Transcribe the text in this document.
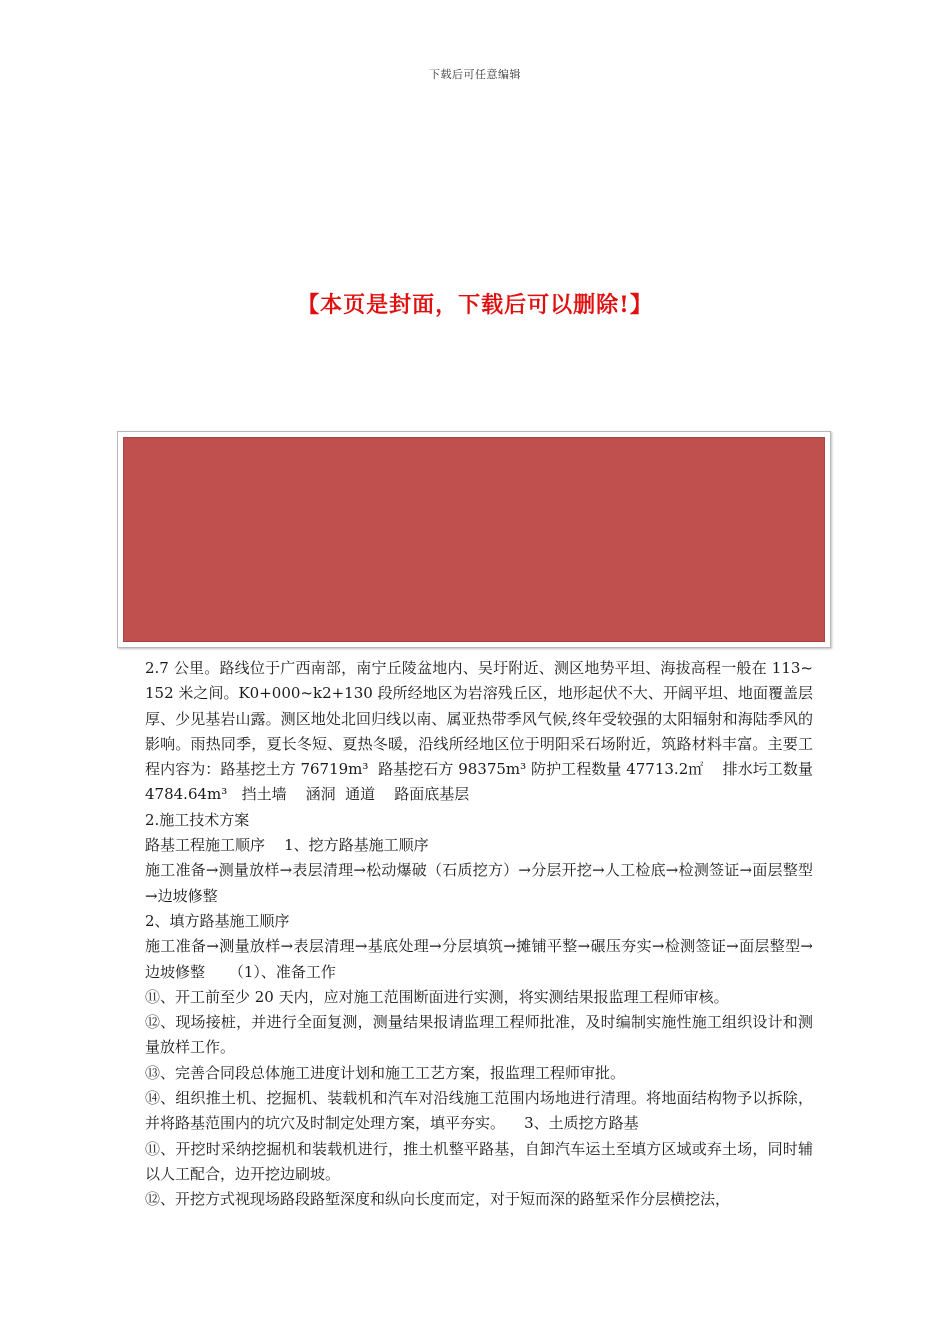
下载后可任意编辑
【本页是封面，下载后可以删除!】

2.7 公里。路线位于广西南部，南宁丘陵盆地内、吴圩附近、测区地势平坦、海拔高程一般在 113~152 米之间。K0+000~k2+130 段所经地区为岩溶残丘区，地形起伏不大、开阔平坦、地面覆盖层厚、少见基岩山露。测区地处北回归线以南、属亚热带季风气候,终年受较强的太阳辐射和海陆季风的影响。雨热同季，夏长冬短、夏热冬暖，沿线所经地区位于明阳采石场附近，筑路材料丰富。主要工程内容为：路基挖土方 76719m³  路基挖石方 98375m³ 防护工程数量 47713.2㎡    排水圬工数量 4784.64m³   挡土墙    涵洞  通道    路面底基层

2.施工技术方案

路基工程施工顺序    1、挖方路基施工顺序

施工准备→测量放样→表层清理→松动爆破（石质挖方）→分层开挖→人工检底→检测签证→面层整型→边坡修整

2、填方路基施工顺序

施工准备→测量放样→表层清理→基底处理→分层填筑→摊铺平整→碾压夯实→检测签证→面层整型→边坡修整     （1）、准备工作

⑪、开工前至少 20 天内，应对施工范围断面进行实测，将实测结果报监理工程师审核。

⑫、现场接桩，并进行全面复测，测量结果报请监理工程师批准，及时编制实施性施工组织设计和测量放样工作。

⑬、完善合同段总体施工进度计划和施工工艺方案，报监理工程师审批。

⑭、组织推土机、挖掘机、装载机和汽车对沿线施工范围内场地进行清理。将地面结构物予以拆除，并将路基范围内的坑穴及时制定处理方案，填平夯实。    3、土质挖方路基

⑪、开挖时采纳挖掘机和装载机进行，推土机整平路基，自卸汽车运土至填方区域或弃土场，同时辅以人工配合，边开挖边刷坡。

⑫、开挖方式视现场路段路堑深度和纵向长度而定，对于短而深的路堑采作分层横挖法，
